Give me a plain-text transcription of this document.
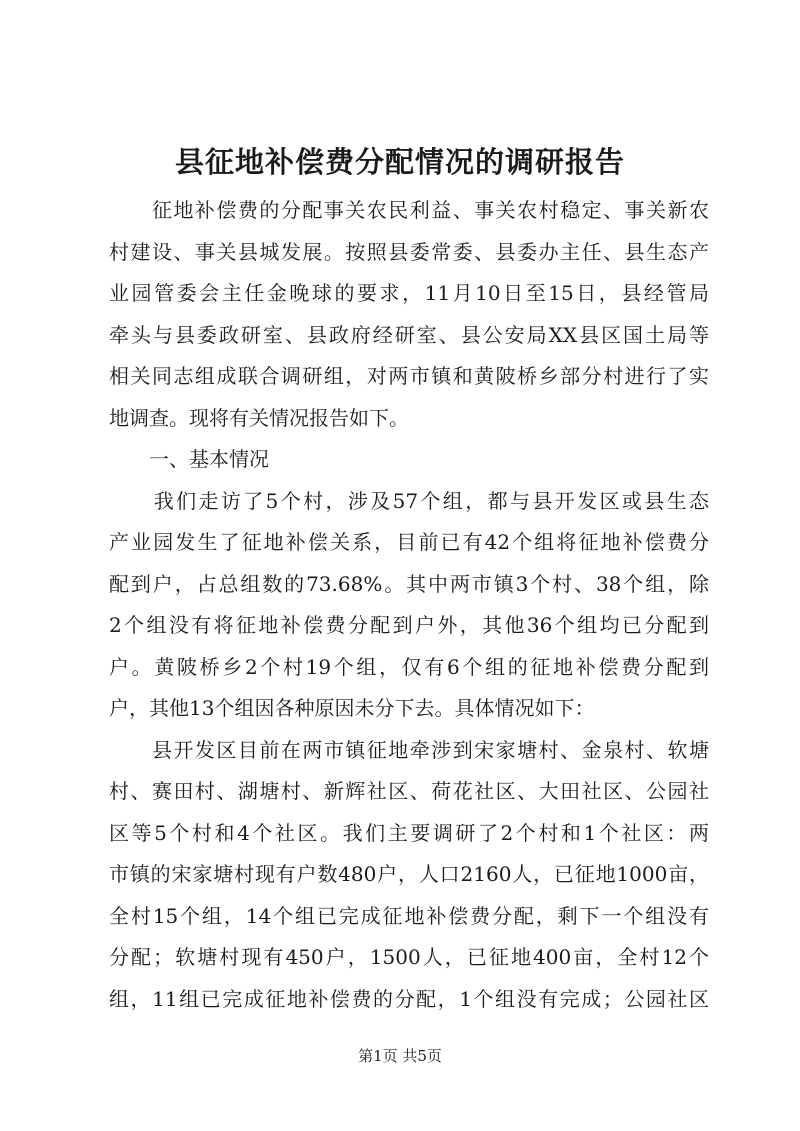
县征地补偿费分配情况的调研报告
　　征地补偿费的分配事关农民利益、事关农村稳定、事关新农
村建设、事关县城发展。按照县委常委、县委办主任、县生态产
业园管委会主任金晚球的要求，11月10日至15日，县经管局
牵头与县委政研室、县政府经研室、县公安局XX县区国土局等
相关同志组成联合调研组，对两市镇和黄陂桥乡部分村进行了实
地调查。现将有关情况报告如下。
　　一、基本情况
　　我们走访了5个村，涉及57个组，都与县开发区或县生态
产业园发生了征地补偿关系，目前已有42个组将征地补偿费分
配到户，占总组数的73.68%。其中两市镇3个村、38个组，除
2个组没有将征地补偿费分配到户外，其他36个组均已分配到
户。黄陂桥乡2个村19个组，仅有6个组的征地补偿费分配到
户，其他13个组因各种原因未分下去。具体情况如下：
　　县开发区目前在两市镇征地牵涉到宋家塘村、金泉村、软塘
村、赛田村、湖塘村、新辉社区、荷花社区、大田社区、公园社
区等5个村和4个社区。我们主要调研了2个村和1个社区：两
市镇的宋家塘村现有户数480户，人口2160人，已征地1000亩，
全村15个组，14个组已完成征地补偿费分配，剩下一个组没有
分配；软塘村现有450户，1500人，已征地400亩，全村12个
组，11组已完成征地补偿费的分配，1个组没有完成；公园社区
第1页 共5页
